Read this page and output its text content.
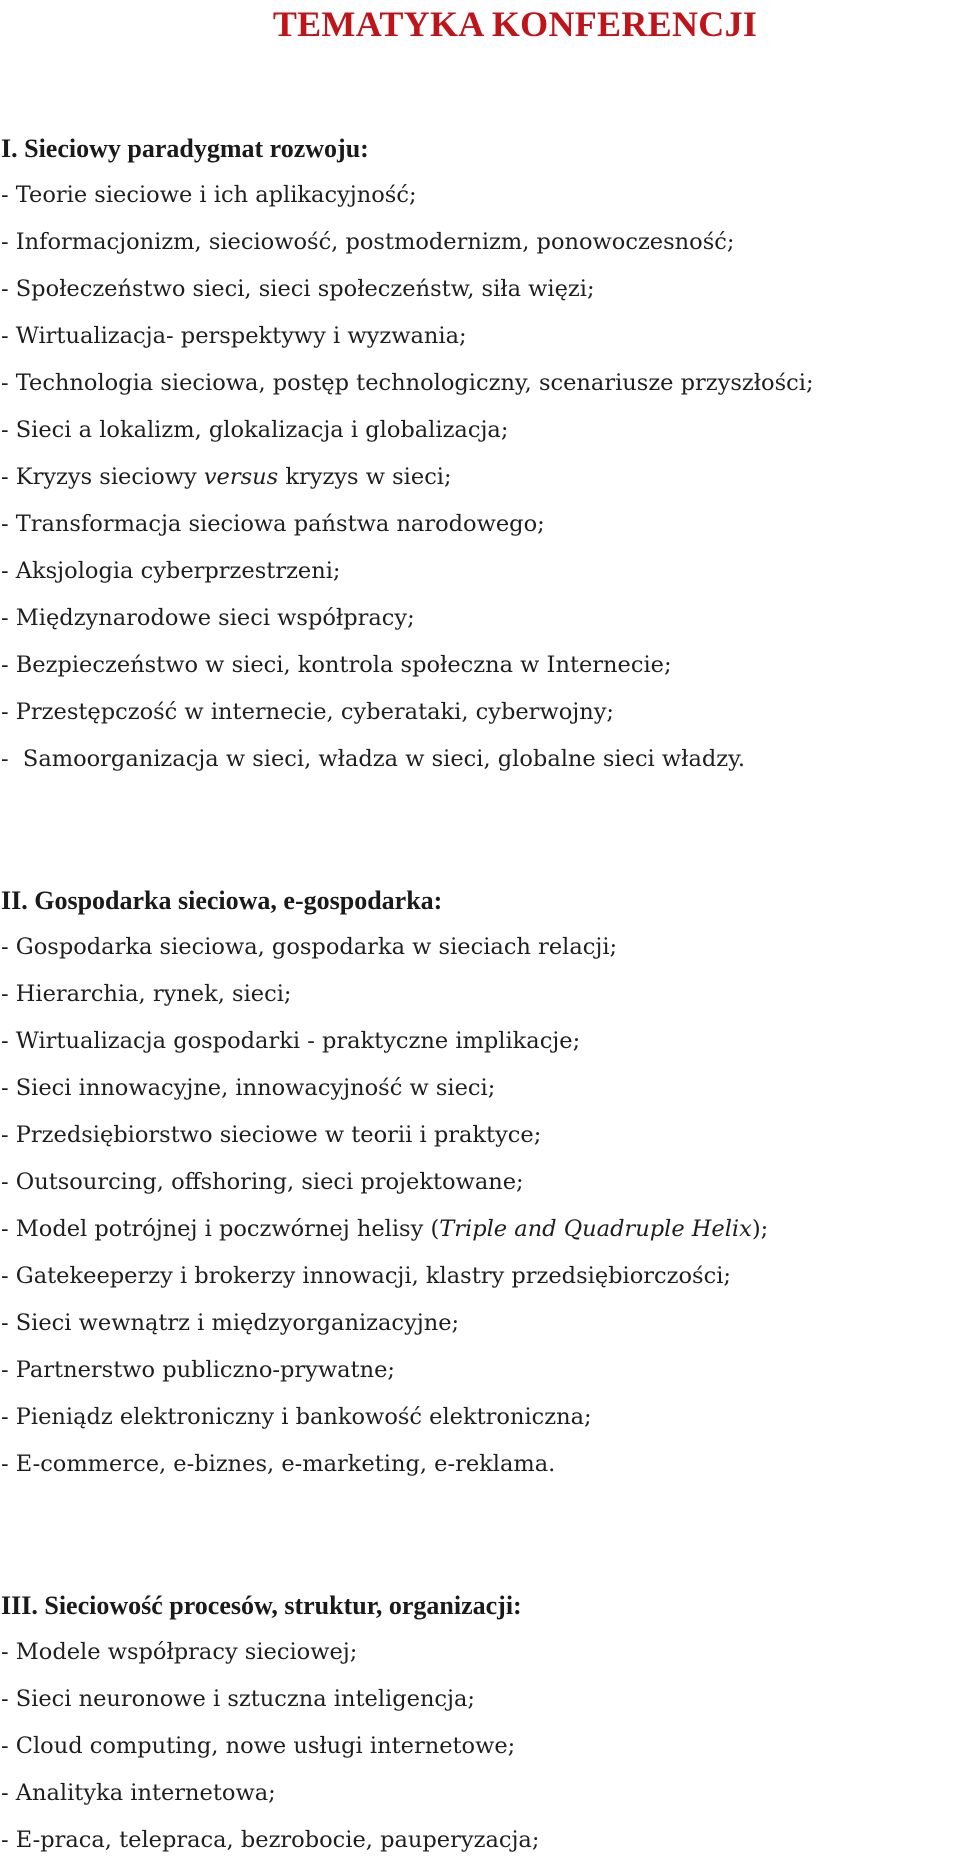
TEMATYKA KONFERENCJI
I. Sieciowy paradygmat rozwoju:
- Teorie sieciowe i ich aplikacyjność;
- Informacjonizm, sieciowość, postmodernizm, ponowoczesność;
- Społeczeństwo sieci, sieci społeczeństw, siła więzi;
- Wirtualizacja- perspektywy i wyzwania;
- Technologia sieciowa, postęp technologiczny, scenariusze przyszłości;
- Sieci a lokalizm, glokalizacja i globalizacja;
- Kryzys sieciowy versus kryzys w sieci;
- Transformacja sieciowa państwa narodowego;
- Aksjologia cyberprzestrzeni;
- Międzynarodowe sieci współpracy;
- Bezpieczeństwo w sieci, kontrola społeczna w Internecie;
- Przestępczość w internecie, cyberataki, cyberwojny;
-  Samoorganizacja w sieci, władza w sieci, globalne sieci władzy.
II. Gospodarka sieciowa, e-gospodarka:
- Gospodarka sieciowa, gospodarka w sieciach relacji;
- Hierarchia, rynek, sieci;
- Wirtualizacja gospodarki - praktyczne implikacje;
- Sieci innowacyjne, innowacyjność w sieci;
- Przedsiębiorstwo sieciowe w teorii i praktyce;
- Outsourcing, offshoring, sieci projektowane;
- Model potrójnej i poczwórnej helisy (Triple and Quadruple Helix);
- Gatekeeperzy i brokerzy innowacji, klastry przedsiębiorczości;
- Sieci wewnątrz i międzyorganizacyjne;
- Partnerstwo publiczno-prywatne;
- Pieniądz elektroniczny i bankowość elektroniczna;
- E-commerce, e-biznes, e-marketing, e-reklama.
III. Sieciowość procesów, struktur, organizacji:
- Modele współpracy sieciowej;
- Sieci neuronowe i sztuczna inteligencja;
- Cloud computing, nowe usługi internetowe;
- Analityka internetowa;
- E-praca, telepraca, bezrobocie, pauperyzacja;
